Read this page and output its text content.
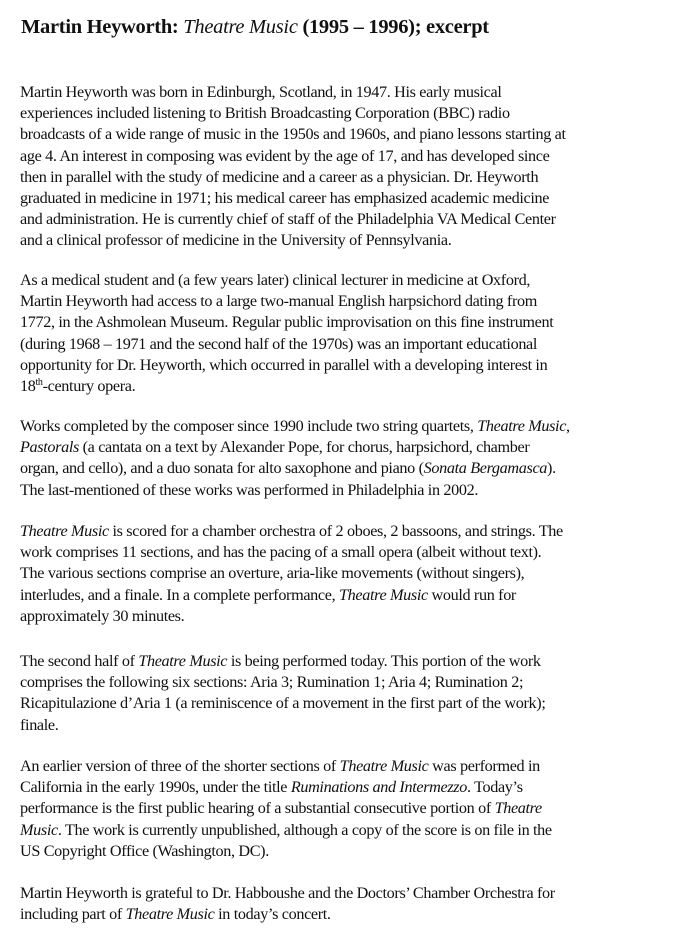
Martin Heyworth: Theatre Music (1995 – 1996); excerpt
Martin Heyworth was born in Edinburgh, Scotland, in 1947. His early musical
experiences included listening to British Broadcasting Corporation (BBC) radio
broadcasts of a wide range of music in the 1950s and 1960s, and piano lessons starting at
age 4. An interest in composing was evident by the age of 17, and has developed since
then in parallel with the study of medicine and a career as a physician. Dr. Heyworth
graduated in medicine in 1971; his medical career has emphasized academic medicine
and administration. He is currently chief of staff of the Philadelphia VA Medical Center
and a clinical professor of medicine in the University of Pennsylvania.
As a medical student and (a few years later) clinical lecturer in medicine at Oxford,
Martin Heyworth had access to a large two-manual English harpsichord dating from
1772, in the Ashmolean Museum. Regular public improvisation on this fine instrument
(during 1968 – 1971 and the second half of the 1970s) was an important educational
opportunity for Dr. Heyworth, which occurred in parallel with a developing interest in
18th-century opera.
Works completed by the composer since 1990 include two string quartets, Theatre Music,
Pastorals (a cantata on a text by Alexander Pope, for chorus, harpsichord, chamber
organ, and cello), and a duo sonata for alto saxophone and piano (Sonata Bergamasca).
The last-mentioned of these works was performed in Philadelphia in 2002.
Theatre Music is scored for a chamber orchestra of 2 oboes, 2 bassoons, and strings. The
work comprises 11 sections, and has the pacing of a small opera (albeit without text).
The various sections comprise an overture, aria-like movements (without singers),
interludes, and a finale. In a complete performance, Theatre Music would run for
approximately 30 minutes.
The second half of Theatre Music is being performed today. This portion of the work
comprises the following six sections: Aria 3; Rumination 1; Aria 4; Rumination 2;
Ricapitulazione d’Aria 1 (a reminiscence of a movement in the first part of the work);
finale.
An earlier version of three of the shorter sections of Theatre Music was performed in
California in the early 1990s, under the title Ruminations and Intermezzo. Today’s
performance is the first public hearing of a substantial consecutive portion of Theatre
Music. The work is currently unpublished, although a copy of the score is on file in the
US Copyright Office (Washington, DC).
Martin Heyworth is grateful to Dr. Habboushe and the Doctors’ Chamber Orchestra for
including part of Theatre Music in today’s concert.
